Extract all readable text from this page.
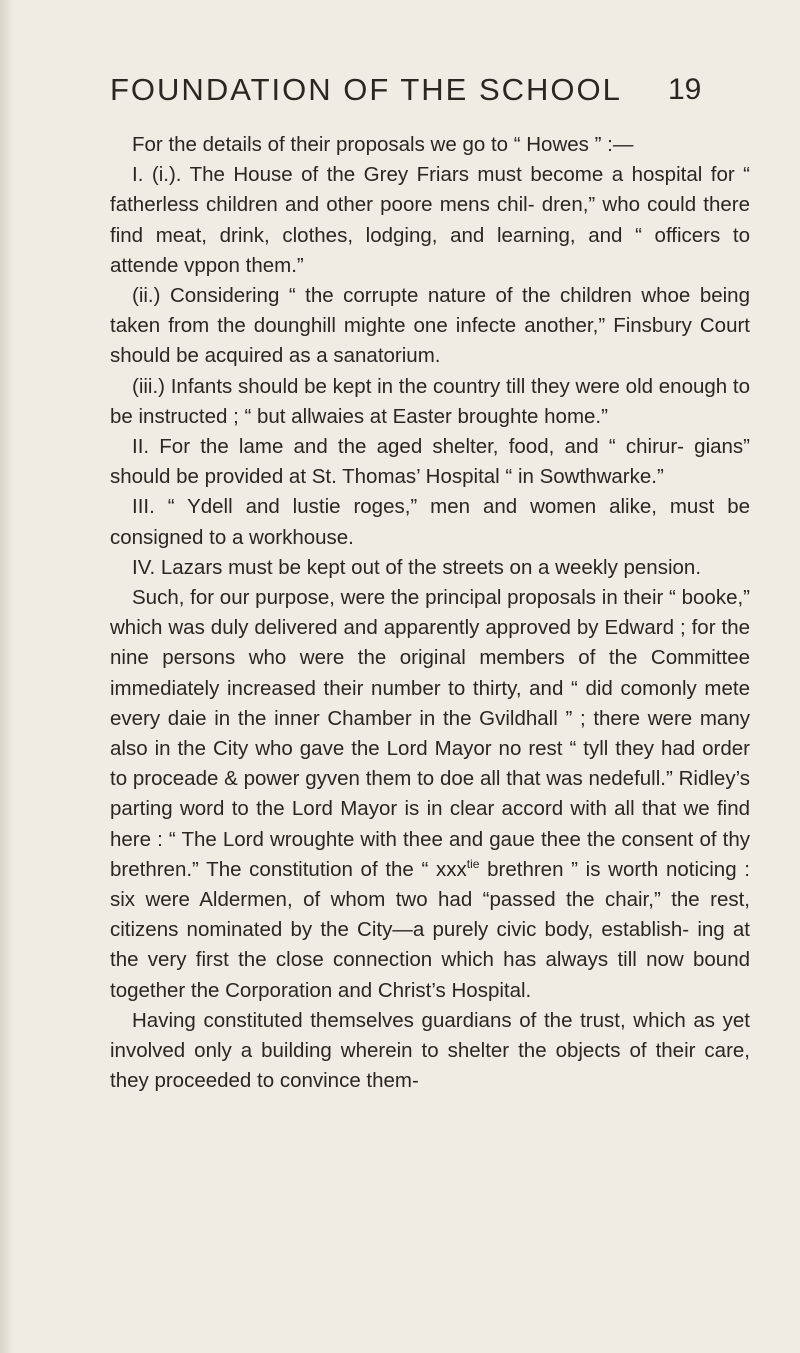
FOUNDATION OF THE SCHOOL 19

For the details of their proposals we go to “ Howes ” :—

I. (i.). The House of the Grey Friars must become a hospital for “ fatherless children and other poore mens chil- dren,” who could there find meat, drink, clothes, lodging, and learning, and “ officers to attende vppon them.”

(ii.) Considering “ the corrupte nature of the children whoe being taken from the dounghill mighte one infecte another,” Finsbury Court should be acquired as a sanatorium.

(iii.) Infants should be kept in the country till they were old enough to be instructed ; “ but allwaies at Easter broughte home.”

II. For the lame and the aged shelter, food, and “ chirur- gians” should be provided at St. Thomas’ Hospital “ in Sowthwarke.”

III. “ Ydell and lustie roges,” men and women alike, must be consigned to a workhouse.

IV. Lazars must be kept out of the streets on a weekly pension.

Such, for our purpose, were the principal proposals in their “ booke,” which was duly delivered and apparently approved by Edward ; for the nine persons who were the original members of the Committee immediately increased their number to thirty, and “ did comonly mete every daie in the inner Chamber in the Gvildhall ” ; there were many also in the City who gave the Lord Mayor no rest “ tyll they had order to proceade & power gyven them to doe all that was nedefull.” Ridley’s parting word to the Lord Mayor is in clear accord with all that we find here : “ The Lord wroughte with thee and gaue thee the consent of thy brethren.” The constitution of the “ xxx$^{tie}$ brethren ” is worth noticing : six were Aldermen, of whom two had “passed the chair,” the rest, citizens nominated by the City—a purely civic body, establish- ing at the very first the close connection which has always till now bound together the Corporation and Christ’s Hospital.

Having constituted themselves guardians of the trust, which as yet involved only a building wherein to shelter the objects of their care, they proceeded to convince them-
